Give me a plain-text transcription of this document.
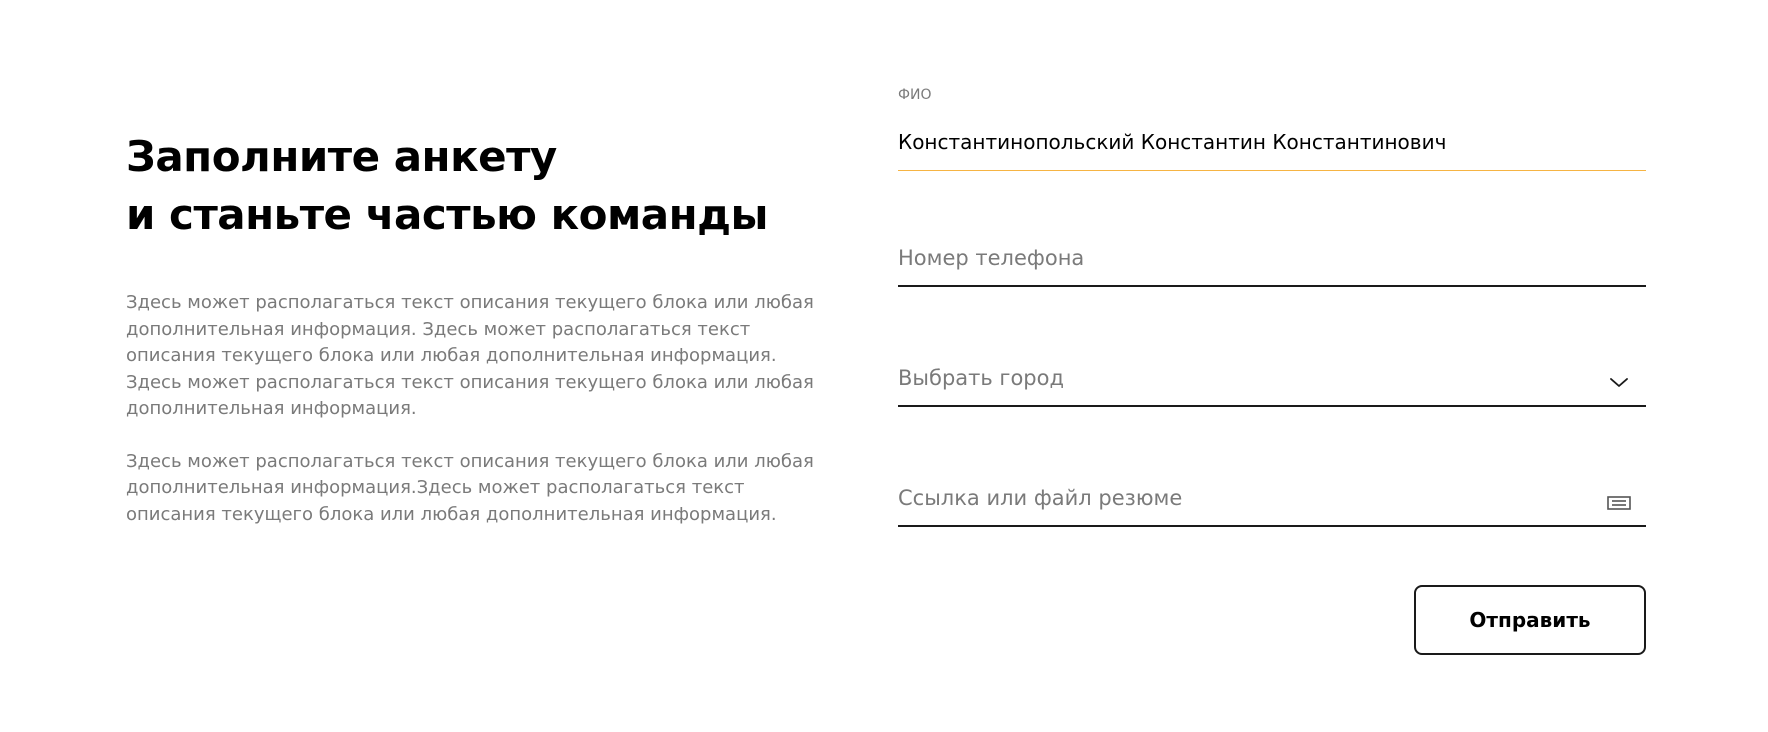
Заполните анкету
и станьте частью команды

Здесь может располагаться текст описания текущего блока или любая дополнительная информация. Здесь может располагаться текст описания текущего блока или любая дополнительная информация. Здесь может располагаться текст описания текущего блока или любая дополнительная информация.

Здесь может располагаться текст описания текущего блока или любая дополнительная информация.Здесь может располагаться текст описания текущего блока или любая дополнительная информация.

ФИО
Константинопольский Константин Константинович
Номер телефона
Выбрать город
Ссылка или файл резюме
Отправить
